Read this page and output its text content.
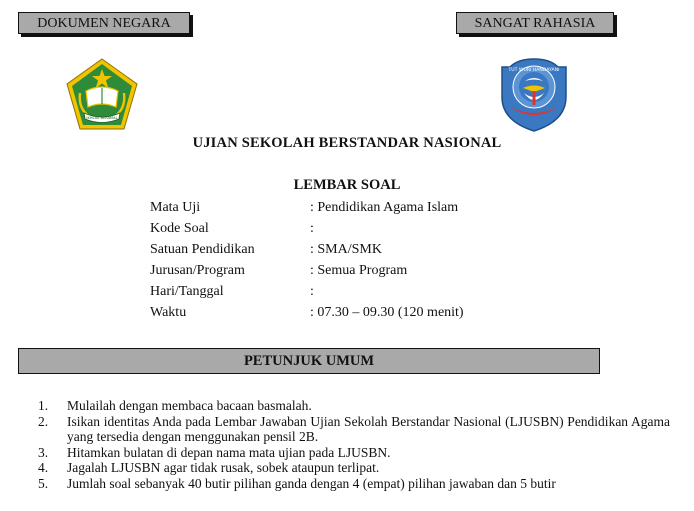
DOKUMEN NEGARA	SANGAT RAHASIA
IKHLAS BERAMAL
TUT WURI HANDAYANI
UJIAN SEKOLAH BERSTANDAR NASIONAL
LEMBAR SOAL
Mata Uji	: Pendidikan Agama Islam
Kode Soal	:
Satuan Pendidikan	: SMA/SMK
Jurusan/Program	: Semua Program
Hari/Tanggal	:
Waktu	: 07.30 – 09.30 (120 menit)
PETUNJUK UMUM
1. Mulailah dengan membaca bacaan basmalah.
2. Isikan identitas Anda pada Lembar Jawaban Ujian Sekolah Berstandar Nasional (LJUSBN) Pendidikan Agama yang tersedia dengan menggunakan pensil 2B.
3. Hitamkan bulatan di depan nama mata ujian pada LJUSBN.
4. Jagalah LJUSBN agar tidak rusak, sobek ataupun terlipat.
5. Jumlah soal sebanyak 40 butir pilihan ganda dengan 4 (empat) pilihan jawaban dan 5 butir
